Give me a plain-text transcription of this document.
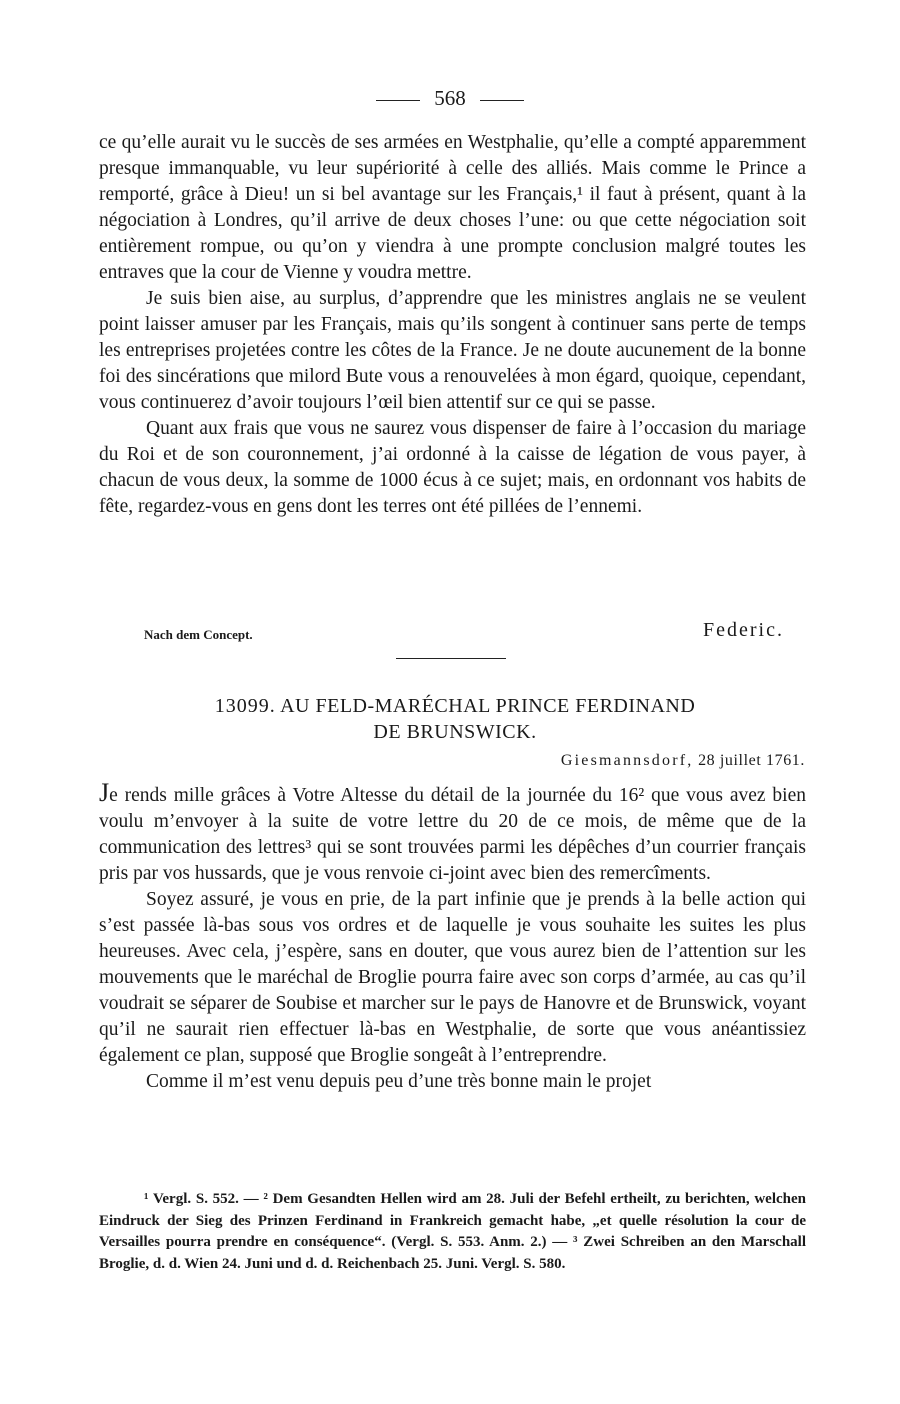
568

ce qu’elle aurait vu le succès de ses armées en Westphalie, qu’elle a compté apparemment presque immanquable, vu leur supériorité à celle des alliés. Mais comme le Prince a remporté, grâce à Dieu! un si bel avantage sur les Français,¹ il faut à présent, quant à la négociation à Londres, qu’il arrive de deux choses l’une: ou que cette négociation soit entièrement rompue, ou qu’on y viendra à une prompte conclusion malgré toutes les entraves que la cour de Vienne y voudra mettre.

Je suis bien aise, au surplus, d’apprendre que les ministres anglais ne se veulent point laisser amuser par les Français, mais qu’ils songent à continuer sans perte de temps les entreprises projetées contre les côtes de la France. Je ne doute aucunement de la bonne foi des sincérations que milord Bute vous a renouvelées à mon égard, quoique, cependant, vous continuerez d’avoir toujours l’œil bien attentif sur ce qui se passe.

Quant aux frais que vous ne saurez vous dispenser de faire à l’occasion du mariage du Roi et de son couronnement, j’ai ordonné à la caisse de légation de vous payer, à chacun de vous deux, la somme de 1000 écus à ce sujet; mais, en ordonnant vos habits de fête, regardez-vous en gens dont les terres ont été pillées de l’ennemi.

Nach dem Concept.	Federic.
13099. AU FELD-MARÉCHAL PRINCE FERDINAND
DE BRUNSWICK.
Giesmannsdorf, 28 juillet 1761.

Je rends mille grâces à Votre Altesse du détail de la journée du 16² que vous avez bien voulu m’envoyer à la suite de votre lettre du 20 de ce mois, de même que de la communication des lettres³ qui se sont trouvées parmi les dépêches d’un courrier français pris par vos hussards, que je vous renvoie ci-joint avec bien des remercîments.

Soyez assuré, je vous en prie, de la part infinie que je prends à la belle action qui s’est passée là-bas sous vos ordres et de laquelle je vous souhaite les suites les plus heureuses. Avec cela, j’espère, sans en douter, que vous aurez bien de l’attention sur les mouvements que le maréchal de Broglie pourra faire avec son corps d’armée, au cas qu’il voudrait se séparer de Soubise et marcher sur le pays de Hanovre et de Brunswick, voyant qu’il ne saurait rien effectuer là-bas en Westphalie, de sorte que vous anéantissiez également ce plan, supposé que Broglie songeât à l’entreprendre.

Comme il m’est venu depuis peu d’une très bonne main le projet

¹ Vergl. S. 552. — ² Dem Gesandten Hellen wird am 28. Juli der Befehl ertheilt, zu berichten, welchen Eindruck der Sieg des Prinzen Ferdinand in Frankreich gemacht habe, „et quelle résolution la cour de Versailles pourra prendre en conséquence“. (Vergl. S. 553. Anm. 2.) — ³ Zwei Schreiben an den Marschall Broglie, d. d. Wien 24. Juni und d. d. Reichenbach 25. Juni. Vergl. S. 580.
